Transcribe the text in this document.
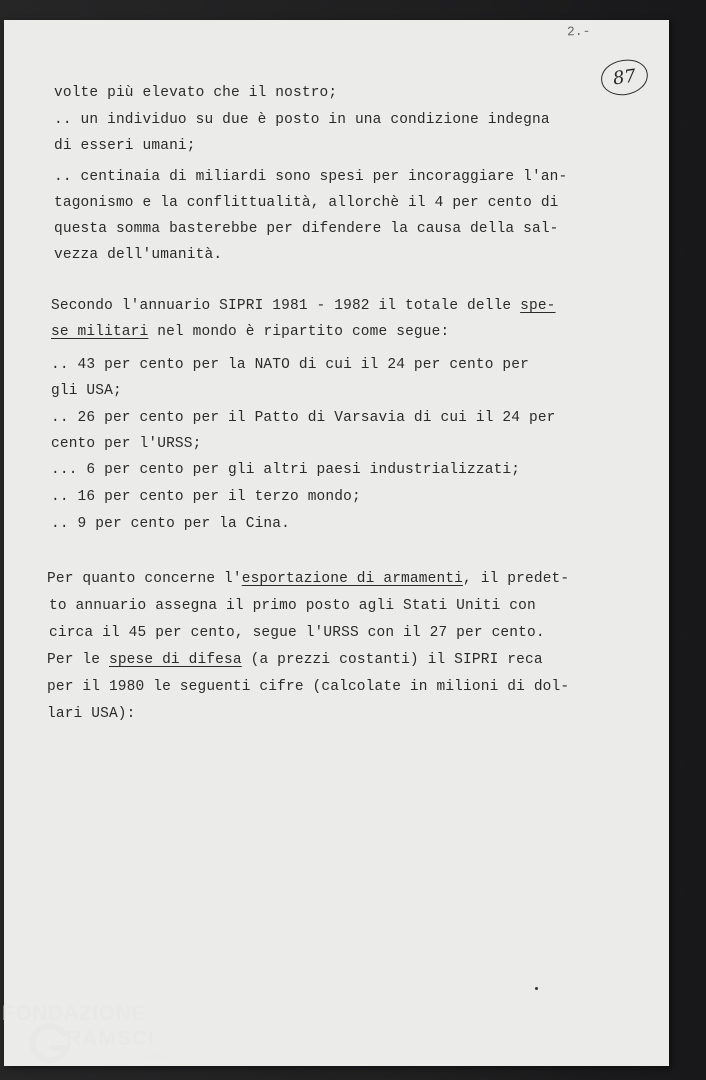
2.-
87
volte più elevato che il nostro;
.. un individuo su due è posto in una condizione indegna
di esseri umani;
.. centinaia di miliardi sono spesi per incoraggiare l'an-
tagonismo e la conflittualità, allorchè il 4 per cento di
questa somma basterebbe per difendere la causa della sal-
vezza dell'umanità.
Secondo l'annuario SIPRI 1981 - 1982 il totale delle spe-
se militari nel mondo è ripartito come segue:
.. 43 per cento per la NATO di cui il 24 per cento per
gli USA;
.. 26 per cento per il Patto di Varsavia di cui il 24 per
cento per l'URSS;
... 6 per cento per gli altri paesi industrializzati;
.. 16 per cento per il terzo mondo;
.. 9 per cento per la Cina.
Per quanto concerne l'esportazione di armamenti, il predet-
to annuario assegna il primo posto agli Stati Uniti con
circa il 45 per cento, segue l'URSS con il 27 per cento.
Per le spese di difesa (a prezzi costanti) il SIPRI reca
per il 1980 le seguenti cifre (calcolate in milioni di dol-
lari USA):
FONDAZIONE
RAMSCI
onlus
